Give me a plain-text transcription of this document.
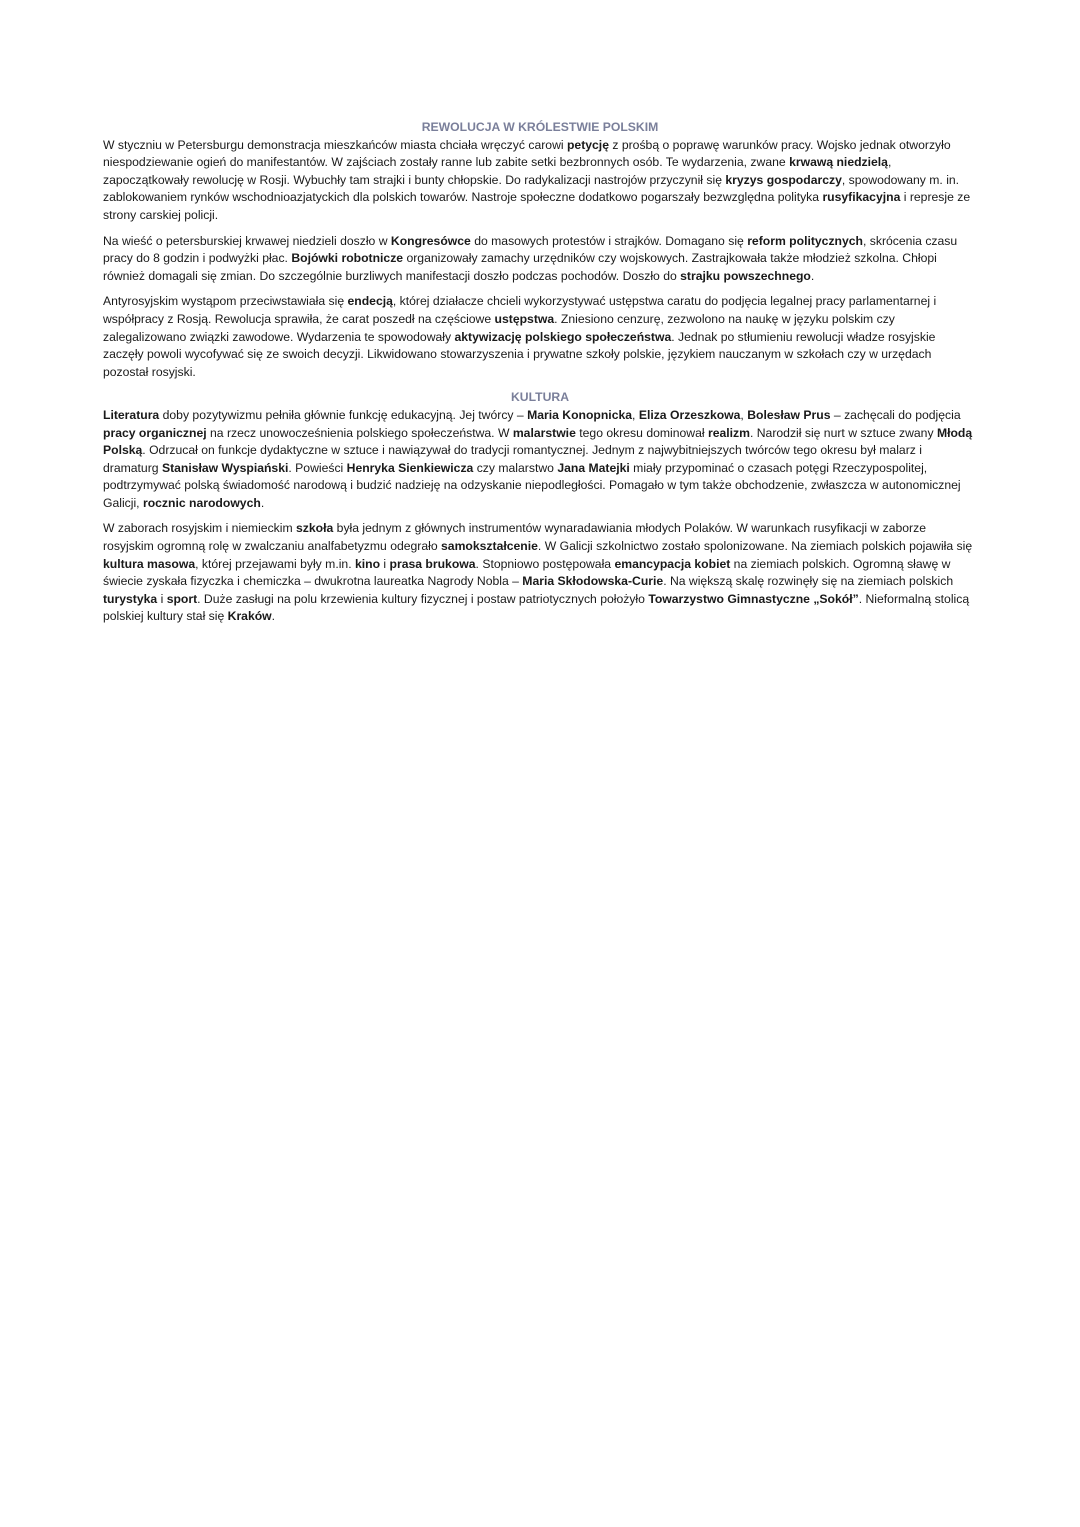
REWOLUCJA W KRÓLESTWIE POLSKIM

W styczniu w Petersburgu demonstracja mieszkańców miasta chciała wręczyć carowi petycję z prośbą o poprawę warunków pracy. Wojsko jednak otworzyło niespodziewanie ogień do manifestantów. W zajściach zostały ranne lub zabite setki bezbronnych osób. Te wydarzenia, zwane krwawą niedzielą, zapoczątkowały rewolucję w Rosji. Wybuchły tam strajki i bunty chłopskie. Do radykalizacji nastrojów przyczynił się kryzys gospodarczy, spowodowany m. in. zablokowaniem rynków wschodnioazjatyckich dla polskich towarów. Nastroje społeczne dodatkowo pogarszały bezwzględna polityka rusyfikacyjna i represje ze strony carskiej policji.

Na wieść o petersburskiej krwawej niedzieli doszło w Kongresówce do masowych protestów i strajków. Domagano się reform politycznych, skrócenia czasu pracy do 8 godzin i podwyżki płac. Bojówki robotnicze organizowały zamachy urzędników czy wojskowych. Zastrajkowała także młodzież szkolna. Chłopi również domagali się zmian. Do szczególnie burzliwych manifestacji doszło podczas pochodów. Doszło do strajku powszechnego.

Antyrosyjskim wystąpom przeciwstawiała się endecją, której działacze chcieli wykorzystywać ustępstwa caratu do podjęcia legalnej pracy parlamentarnej i współpracy z Rosją. Rewolucja sprawiła, że carat poszedł na częściowe ustępstwa. Zniesiono cenzurę, zezwolono na naukę w języku polskim czy zalegalizowano związki zawodowe. Wydarzenia te spowodowały aktywizację polskiego społeczeństwa. Jednak po stłumieniu rewolucji władze rosyjskie zaczęły powoli wycofywać się ze swoich decyzji. Likwidowano stowarzyszenia i prywatne szkoły polskie, językiem nauczanym w szkołach czy w urzędach pozostał rosyjski.

KULTURA

Literatura doby pozytywizmu pełniła głównie funkcję edukacyjną. Jej twórcy – Maria Konopnicka, Eliza Orzeszkowa, Bolesław Prus – zachęcali do podjęcia pracy organicznej na rzecz unowocześnienia polskiego społeczeństwa. W malarstwie tego okresu dominował realizm. Narodził się nurt w sztuce zwany Młodą Polską. Odrzucał on funkcje dydaktyczne w sztuce i nawiązywał do tradycji romantycznej. Jednym z najwybitniejszych twórców tego okresu był malarz i dramaturg Stanisław Wyspiański. Powieści Henryka Sienkiewicza czy malarstwo Jana Matejki miały przypominać o czasach potęgi Rzeczypospolitej, podtrzymywać polską świadomość narodową i budzić nadzieję na odzyskanie niepodległości. Pomagało w tym także obchodzenie, zwłaszcza w autonomicznej Galicji, rocznic narodowych.

W zaborach rosyjskim i niemieckim szkoła była jednym z głównych instrumentów wynaradawiania młodych Polaków. W warunkach rusyfikacji w zaborze rosyjskim ogromną rolę w zwalczaniu analfabetyzmu odegrało samokształcenie. W Galicji szkolnictwo zostało spolonizowane. Na ziemiach polskich pojawiła się kultura masowa, której przejawami były m.in. kino i prasa brukowa. Stopniowo postępowała emancypacja kobiet na ziemiach polskich. Ogromną sławę w świecie zyskała fizyczka i chemiczka – dwukrotna laureatka Nagrody Nobla – Maria Skłodowska-Curie. Na większą skalę rozwinęły się na ziemiach polskich turystyka i sport. Duże zasługi na polu krzewienia kultury fizycznej i postaw patriotycznych położyło Towarzystwo Gimnastyczne „Sokół”. Nieformalną stolicą polskiej kultury stał się Kraków.
